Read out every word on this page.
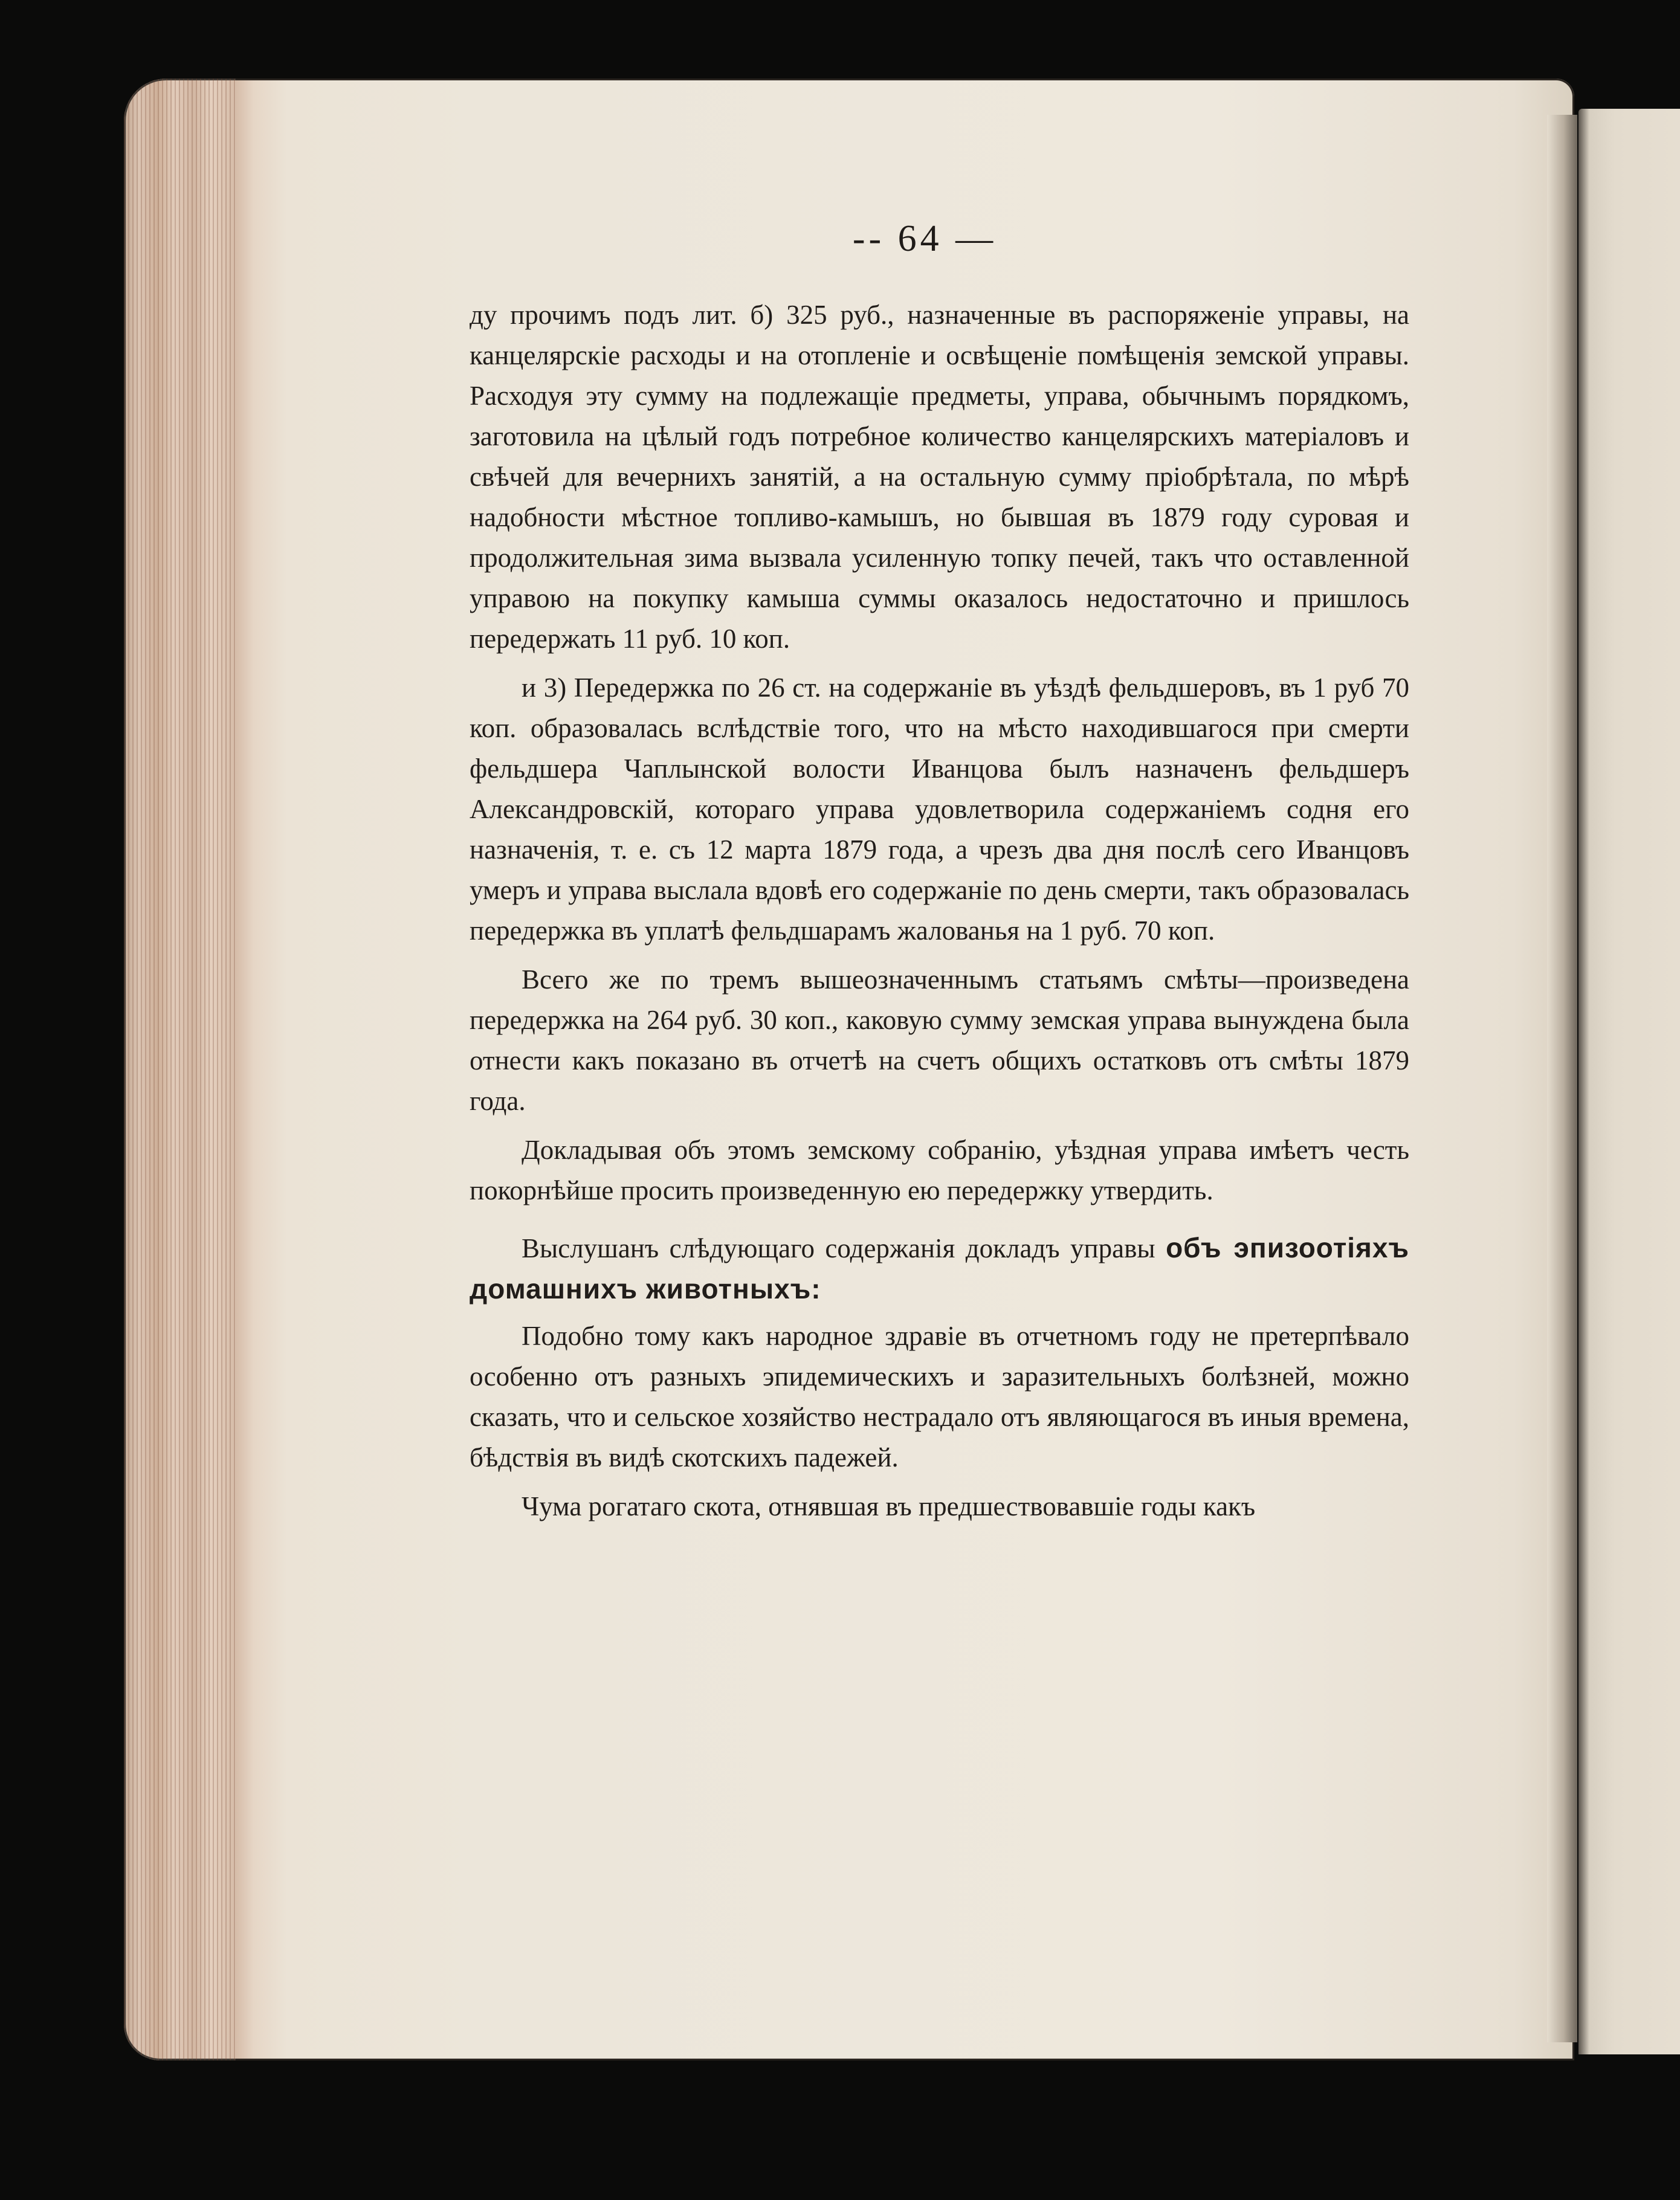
-- 64 —

ду прочимъ подъ лит. б) 325 руб., назначенные въ распоряженіе управы, на канцелярскіе расходы и на отопленіе и освѣщеніе помѣщенія земской управы. Расходуя эту сумму на подлежащіе предметы, управа, обычнымъ порядкомъ, заготовила на цѣлый годъ потребное количество канцелярскихъ матеріаловъ и свѣчей для вечернихъ занятій, а на остальную сумму пріобрѣтала, по мѣрѣ надобности мѣстное топливо-камышъ, но бывшая въ 1879 году суровая и продолжительная зима вызвала усиленную топку печей, такъ что оставленной управою на покупку камыша суммы оказалось недостаточно и пришлось передержать 11 руб. 10 коп.

и 3) Передержка по 26 ст. на содержаніе въ уѣздѣ фельдшеровъ, въ 1 руб 70 коп. образовалась вслѣдствіе того, что на мѣсто находившагося при смерти фельдшера Чаплынской волости Иванцова былъ назначенъ фельдшеръ Александровскій, котораго управа удовлетворила содержаніемъ содня его назначенія, т. е. съ 12 марта 1879 года, а чрезъ два дня послѣ сего Иванцовъ умеръ и управа выслала вдовѣ его содержаніе по день смерти, такъ образовалась передержка въ уплатѣ фельдшарамъ жалованья на 1 руб. 70 коп.

Всего же по тремъ вышеозначеннымъ статьямъ смѣты—произведена передержка на 264 руб. 30 коп., каковую сумму земская управа вынуждена была отнести какъ показано въ отчетѣ на счетъ общихъ остатковъ отъ смѣты 1879 года.

Докладывая объ этомъ земскому собранію, уѣздная управа имѣетъ честь покорнѣйше просить произведенную ею передержку утвердить.

Выслушанъ слѣдующаго содержанія докладъ управы объ эпизоотіяхъ домашнихъ животныхъ:

Подобно тому какъ народное здравіе въ отчетномъ году не претерпѣвало особенно отъ разныхъ эпидемическихъ и заразительныхъ болѣзней, можно сказать, что и сельское хозяйство нестрадало отъ являющагося въ иныя времена, бѣдствія въ видѣ скотскихъ падежей.

Чума рогатаго скота, отнявшая въ предшествовавшіе годы какъ
